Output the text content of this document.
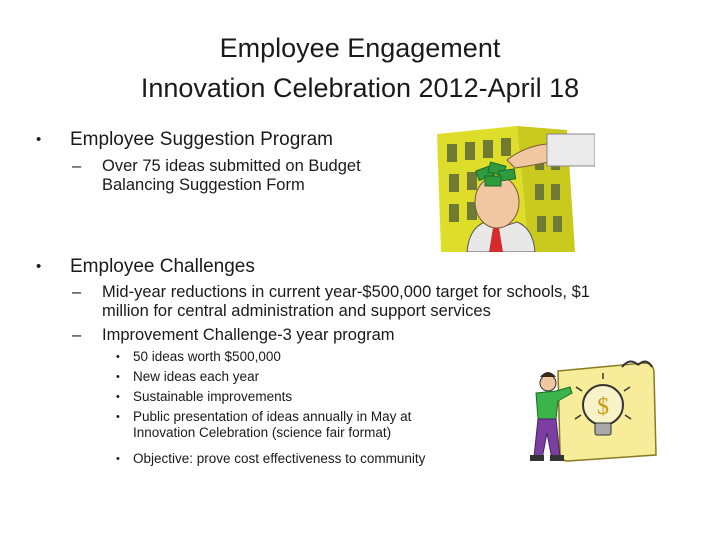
Employee Engagement
Innovation Celebration 2012-April 18
• Employee Suggestion Program
– Over 75 ideas submitted on Budget
Balancing Suggestion Form
• Employee Challenges
– Mid-year reductions in current year-$500,000 target for schools, $1
million for central administration and support services
– Improvement Challenge-3 year program
• 50 ideas worth $500,000
• New ideas each year
• Sustainable improvements
• Public presentation of ideas annually in May at
Innovation Celebration (science fair format)
• Objective: prove cost effectiveness to community
$
